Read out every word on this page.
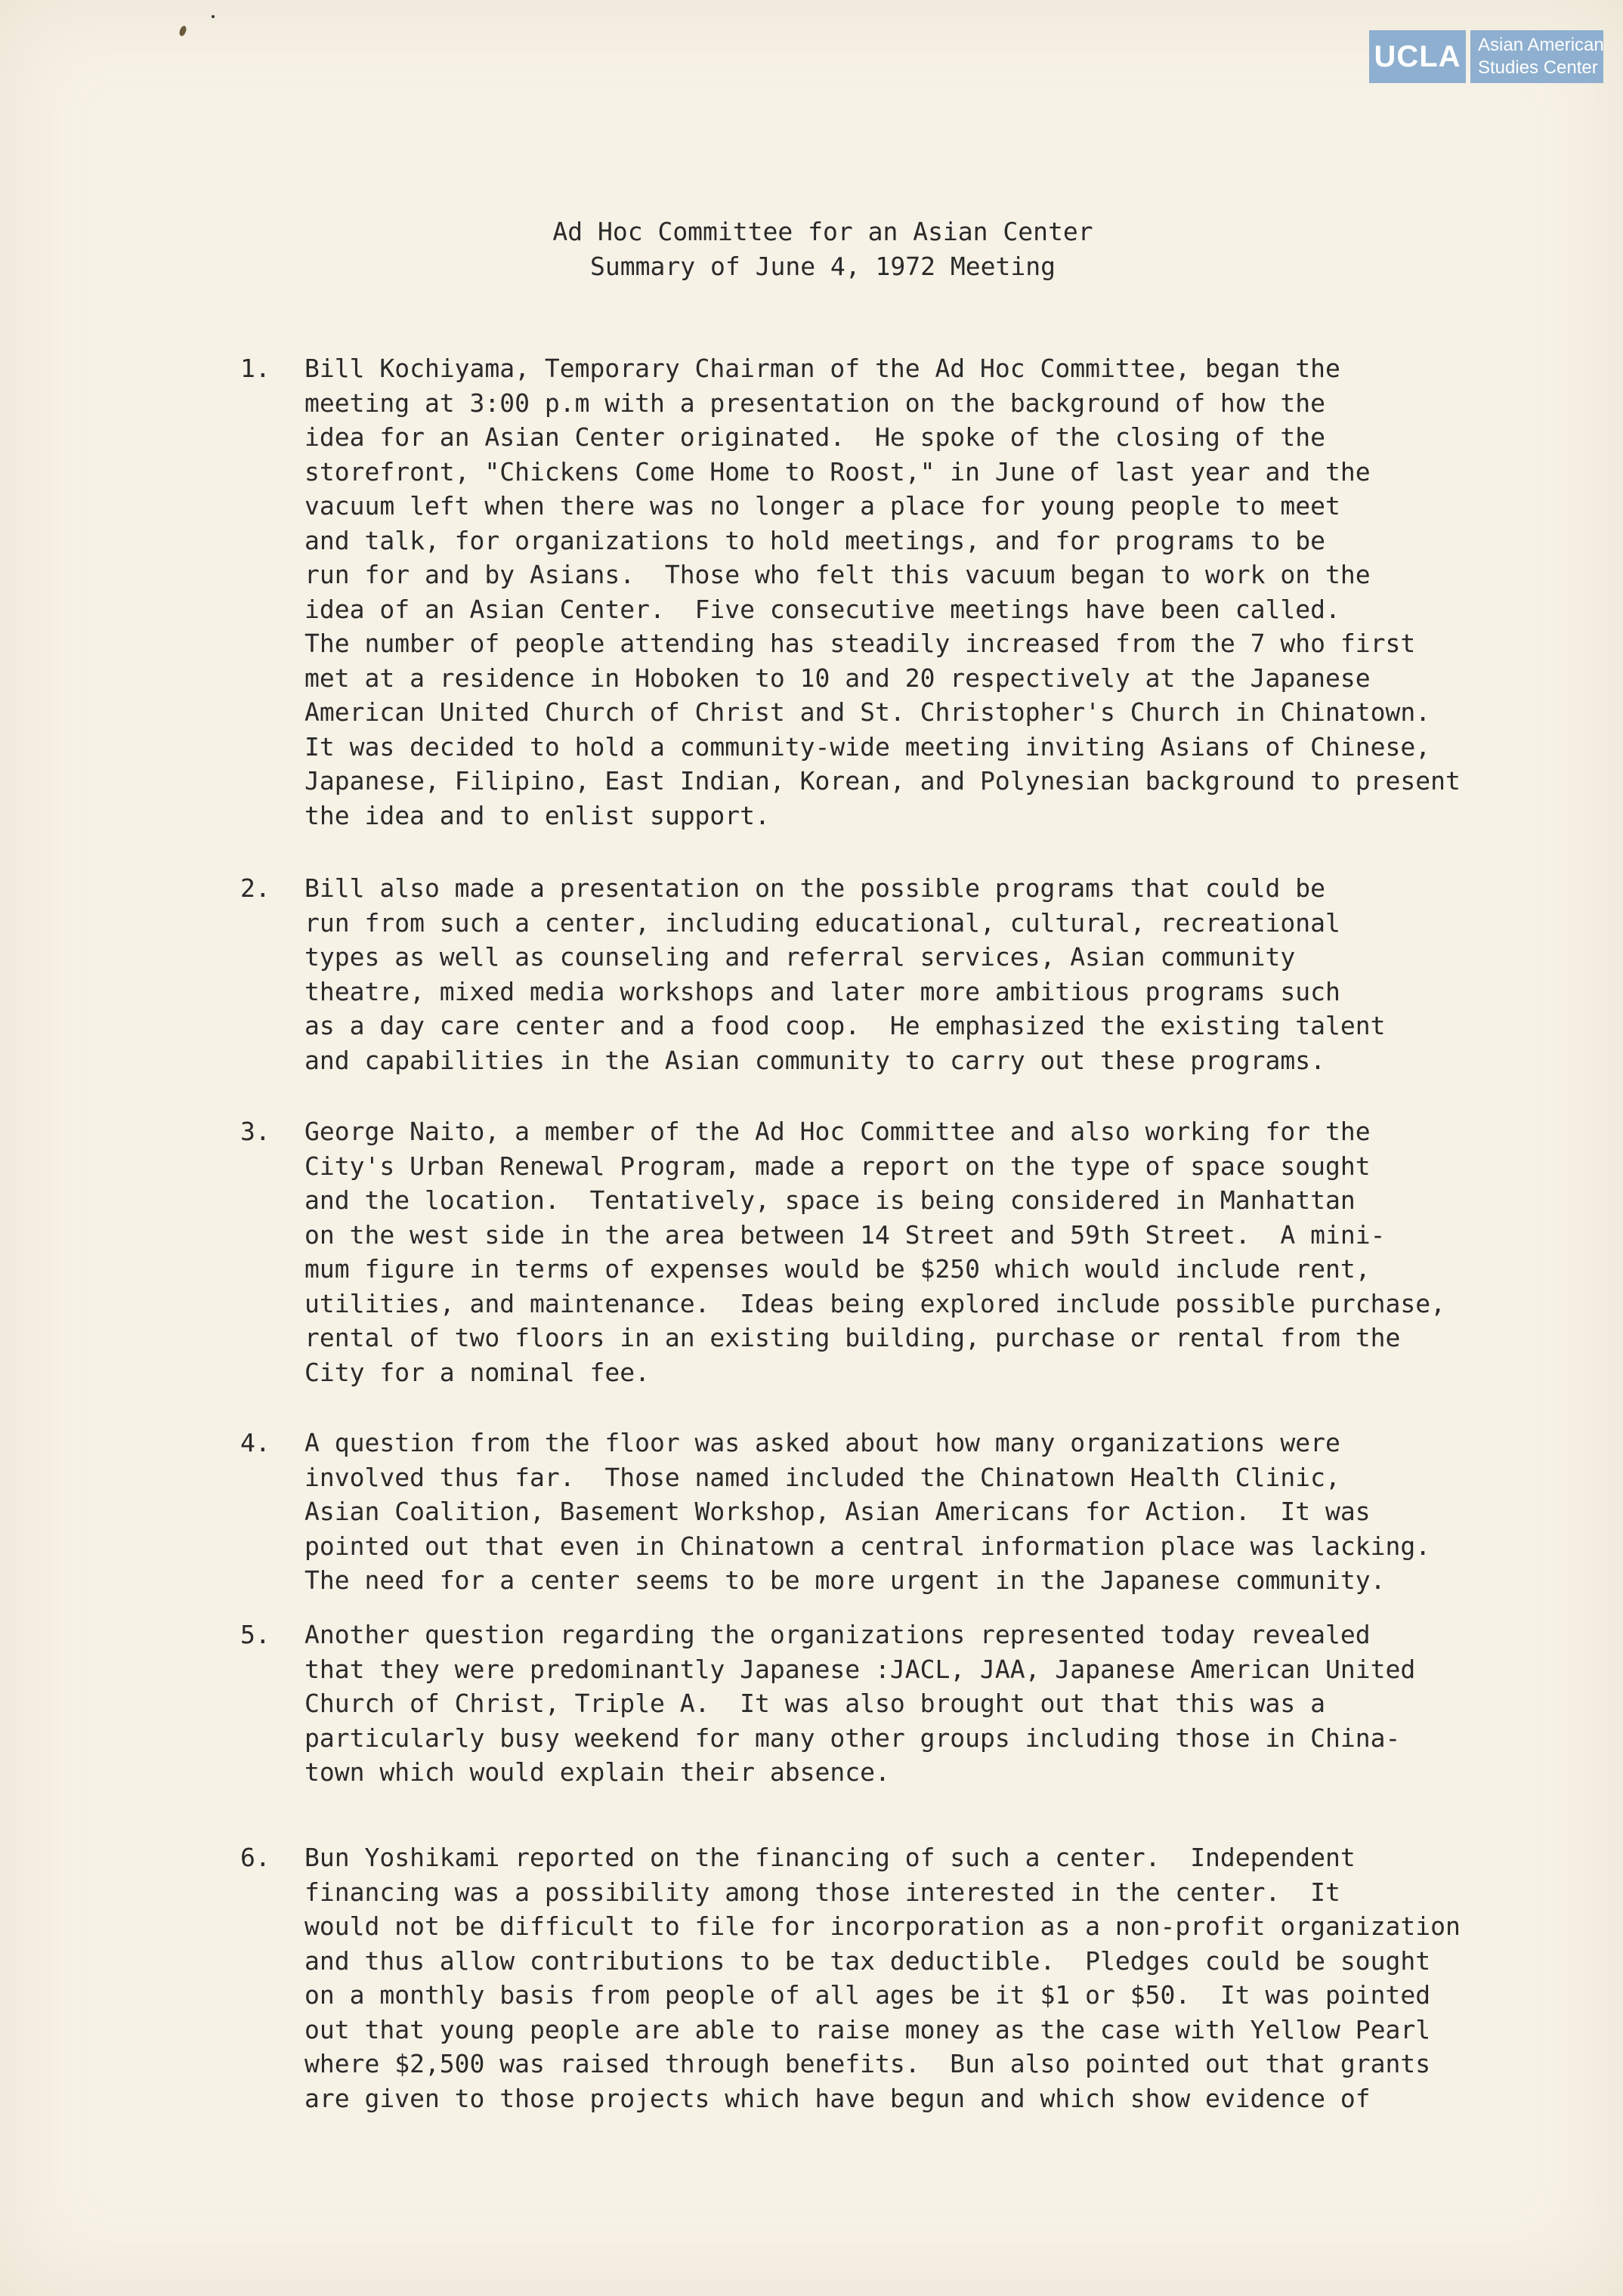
UCLA Asian American
Studies Center
Ad Hoc Committee for an Asian Center
Summary of June 4, 1972 Meeting
1. Bill Kochiyama, Temporary Chairman of the Ad Hoc Committee, began the
meeting at 3:00 p.m with a presentation on the background of how the
idea for an Asian Center originated.  He spoke of the closing of the
storefront, "Chickens Come Home to Roost," in June of last year and the
vacuum left when there was no longer a place for young people to meet
and talk, for organizations to hold meetings, and for programs to be
run for and by Asians.  Those who felt this vacuum began to work on the
idea of an Asian Center.  Five consecutive meetings have been called.
The number of people attending has steadily increased from the 7 who first
met at a residence in Hoboken to 10 and 20 respectively at the Japanese
American United Church of Christ and St. Christopher's Church in Chinatown.
It was decided to hold a community-wide meeting inviting Asians of Chinese,
Japanese, Filipino, East Indian, Korean, and Polynesian background to present
the idea and to enlist support.
2. Bill also made a presentation on the possible programs that could be
run from such a center, including educational, cultural, recreational
types as well as counseling and referral services, Asian community
theatre, mixed media workshops and later more ambitious programs such
as a day care center and a food coop.  He emphasized the existing talent
and capabilities in the Asian community to carry out these programs.
3. George Naito, a member of the Ad Hoc Committee and also working for the
City's Urban Renewal Program, made a report on the type of space sought
and the location.  Tentatively, space is being considered in Manhattan
on the west side in the area between 14 Street and 59th Street.  A mini-
mum figure in terms of expenses would be $250 which would include rent,
utilities, and maintenance.  Ideas being explored include possible purchase,
rental of two floors in an existing building, purchase or rental from the
City for a nominal fee.
4. A question from the floor was asked about how many organizations were
involved thus far.  Those named included the Chinatown Health Clinic,
Asian Coalition, Basement Workshop, Asian Americans for Action.  It was
pointed out that even in Chinatown a central information place was lacking.
The need for a center seems to be more urgent in the Japanese community.
5. Another question regarding the organizations represented today revealed
that they were predominantly Japanese :JACL, JAA, Japanese American United
Church of Christ, Triple A.  It was also brought out that this was a
particularly busy weekend for many other groups including those in China-
town which would explain their absence.
6. Bun Yoshikami reported on the financing of such a center.  Independent
financing was a possibility among those interested in the center.  It
would not be difficult to file for incorporation as a non-profit organization
and thus allow contributions to be tax deductible.  Pledges could be sought
on a monthly basis from people of all ages be it $1 or $50.  It was pointed
out that young people are able to raise money as the case with Yellow Pearl
where $2,500 was raised through benefits.  Bun also pointed out that grants
are given to those projects which have begun and which show evidence of
